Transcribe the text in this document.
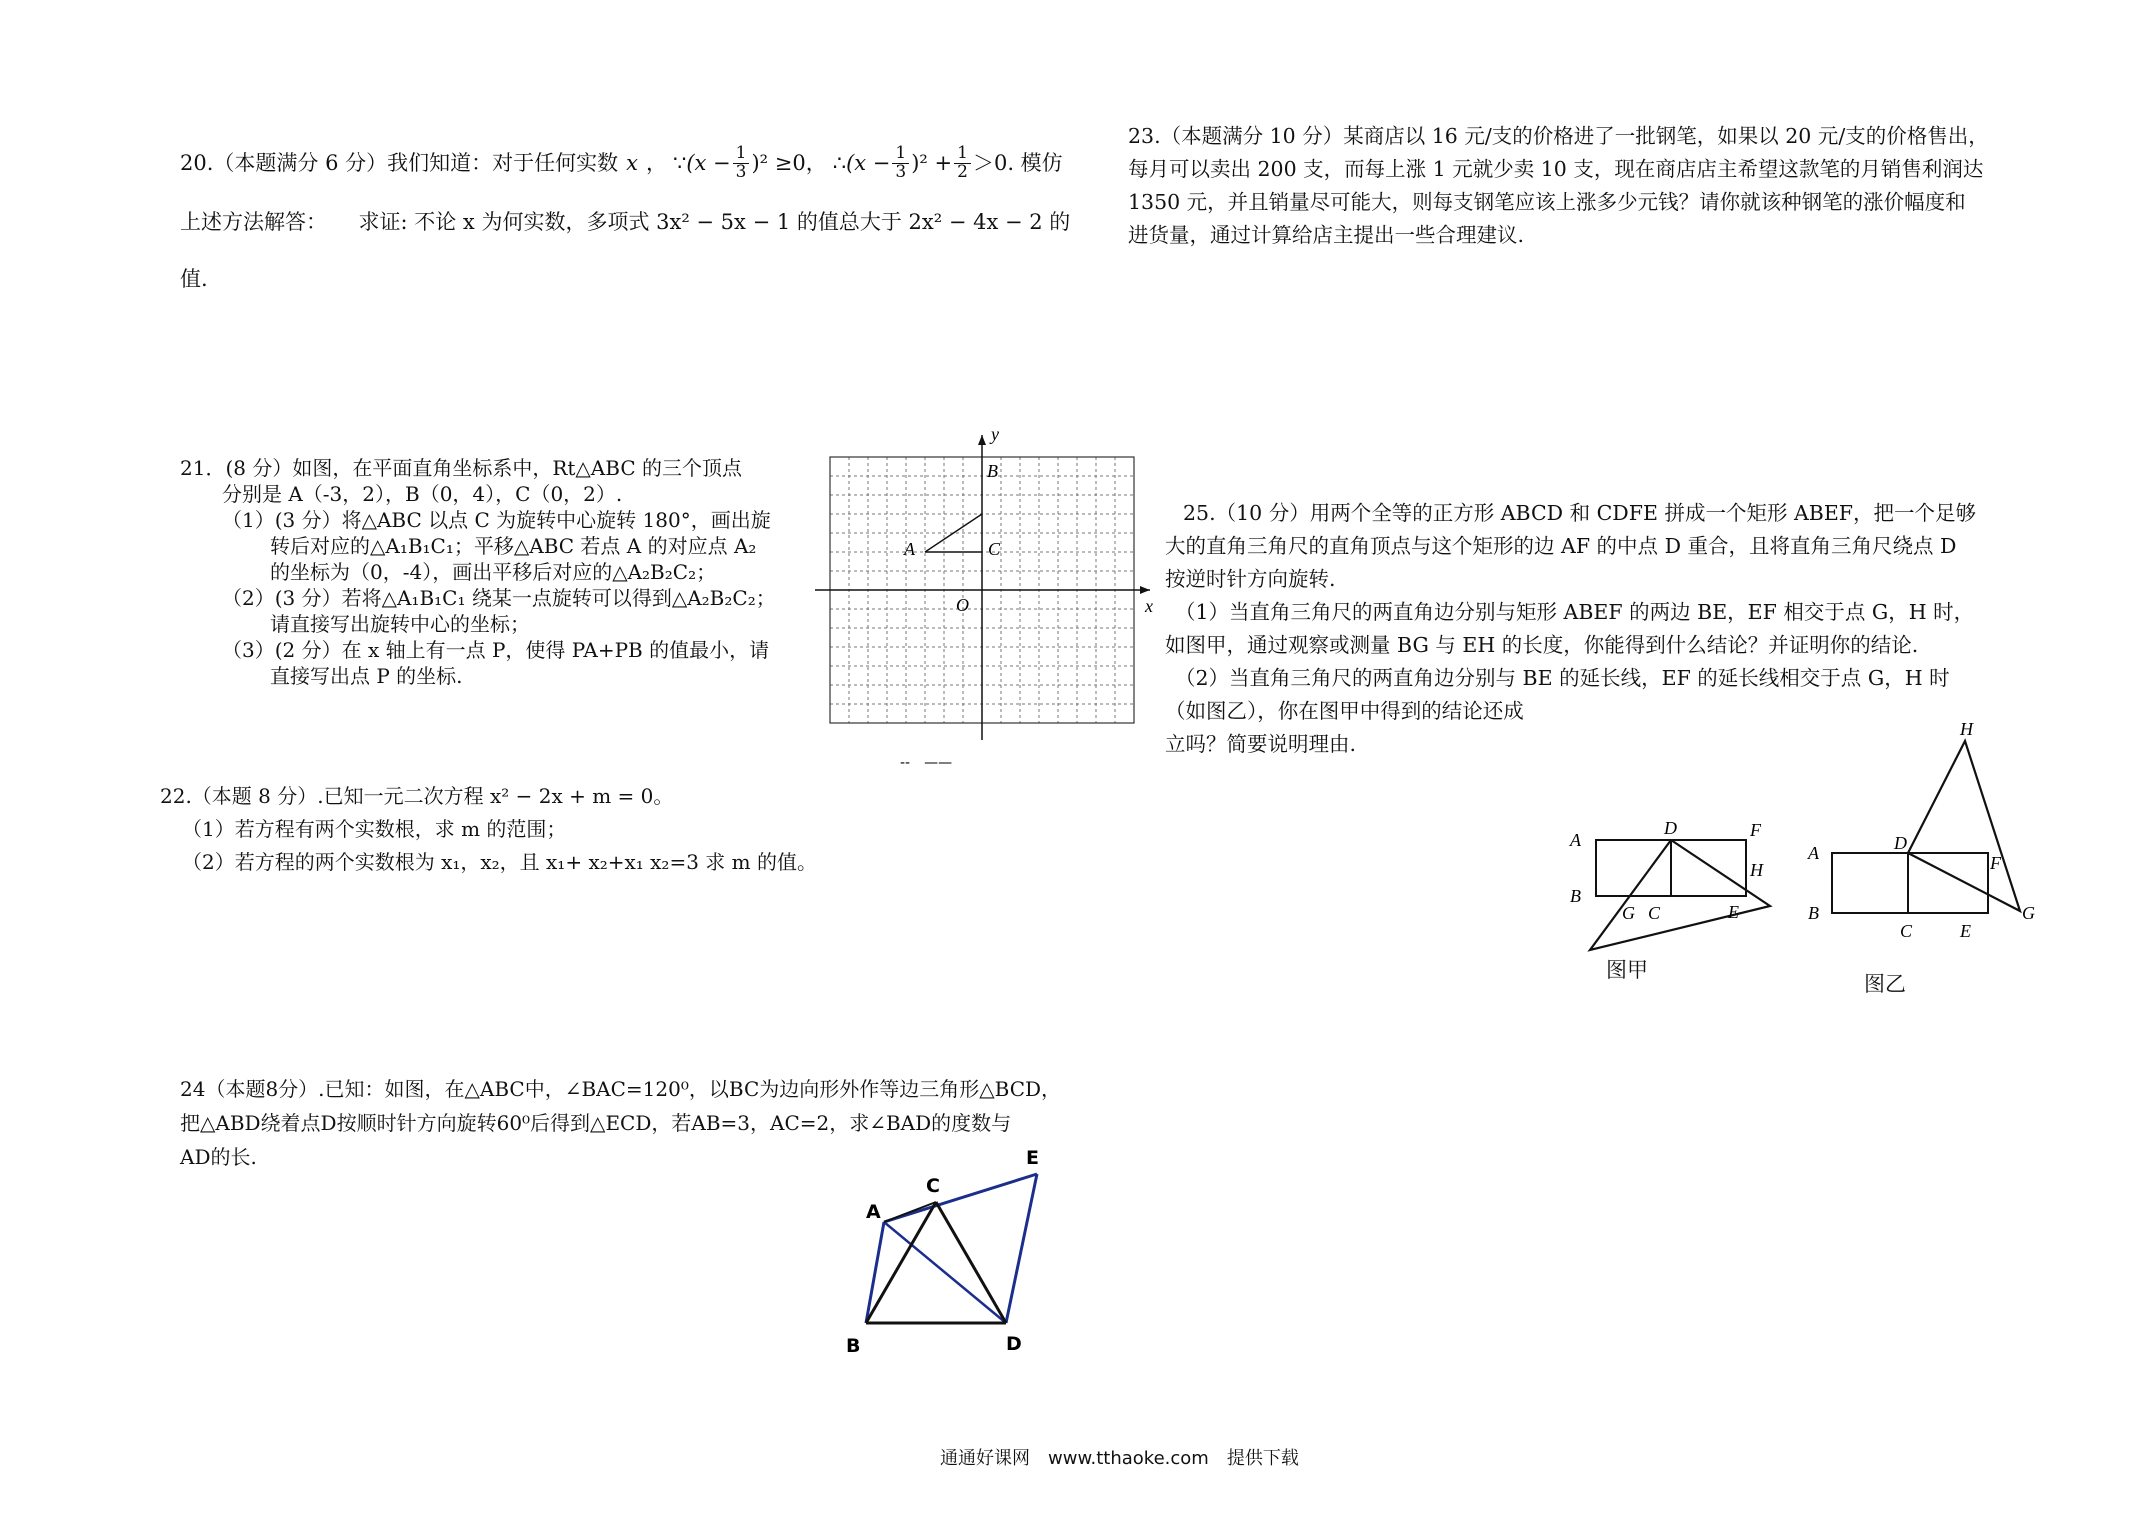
20.（本题满分 6 分）我们知道：对于任何实数 x ， ∵ $(x - \frac{1}{3} )^2 \ge 0$， ∴ $(x - \frac{1}{3} )^2 + \frac{1}{2} >0$. 模仿
上述方法解答：　　求证: 不论 x 为何实数，多项式 3x² − 5x − 1 的值总大于 2x² − 4x − 2 的
值.
21．(8 分）如图，在平面直角坐标系中，Rt△ABC 的三个顶点
分别是 A（-3，2），B（0，4），C（0，2）.
（1）(3 分）将△ABC 以点 C 为旋转中心旋转 180°，画出旋
转后对应的△A₁B₁C₁；平移△ABC 若点 A 的对应点 A₂
的坐标为（0，-4），画出平移后对应的△A₂B₂C₂；
（2）(3 分）若将△A₁B₁C₁ 绕某一点旋转可以得到△A₂B₂C₂；
请直接写出旋转中心的坐标；
（3）(2 分）在 x 轴上有一点 P，使得 PA+PB 的值最小，请
直接写出点 P 的坐标.
y
x
B
A	C
O
--　——
22.（本题 8 分）.已知一元二次方程 x² − 2x + m = 0。
（1）若方程有两个实数根，求 m 的范围；
（2）若方程的两个实数根为 x₁，x₂，且 x₁+ x₂+x₁ x₂=3 求 m 的值。
23.（本题满分 10 分）某商店以 16 元/支的价格进了一批钢笔，如果以 20 元/支的价格售出，
每月可以卖出 200 支，而每上涨 1 元就少卖 10 支，现在商店店主希望这款笔的月销售利润达
1350 元，并且销量尽可能大，则每支钢笔应该上涨多少元钱？请你就该种钢笔的涨价幅度和
进货量，通过计算给店主提出一些合理建议.
24（本题8分）.已知：如图，在△ABC中，∠BAC=120⁰，以BC为边向形外作等边三角形△BCD，
把△ABD绕着点D按顺时针方向旋转60⁰后得到△ECD，若AB=3，AC=2，求∠BAD的度数与
AD的长.
A
C
E
B	D
25.（10 分）用两个全等的正方形 ABCD 和 CDFE 拼成一个矩形 ABEF，把一个足够
大的直角三角尺的直角顶点与这个矩形的边 AF 的中点 D 重合，且将直角三角尺绕点 D
按逆时针方向旋转.
（1）当直角三角尺的两直角边分别与矩形 ABEF 的两边 BE，EF 相交于点 G，H 时，
如图甲，通过观察或测量 BG 与 EH 的长度，你能得到什么结论？并证明你的结论.
（2）当直角三角尺的两直角边分别与 BE 的延长线，EF 的延长线相交于点 G，H 时
（如图乙），你在图甲中得到的结论还成
立吗？简要说明理由.
A
D	F
H
B
G C	E
图甲
H
A	D
F
B
C	E
G
图乙
通通好课网　www.tthaoke.com　提供下载
